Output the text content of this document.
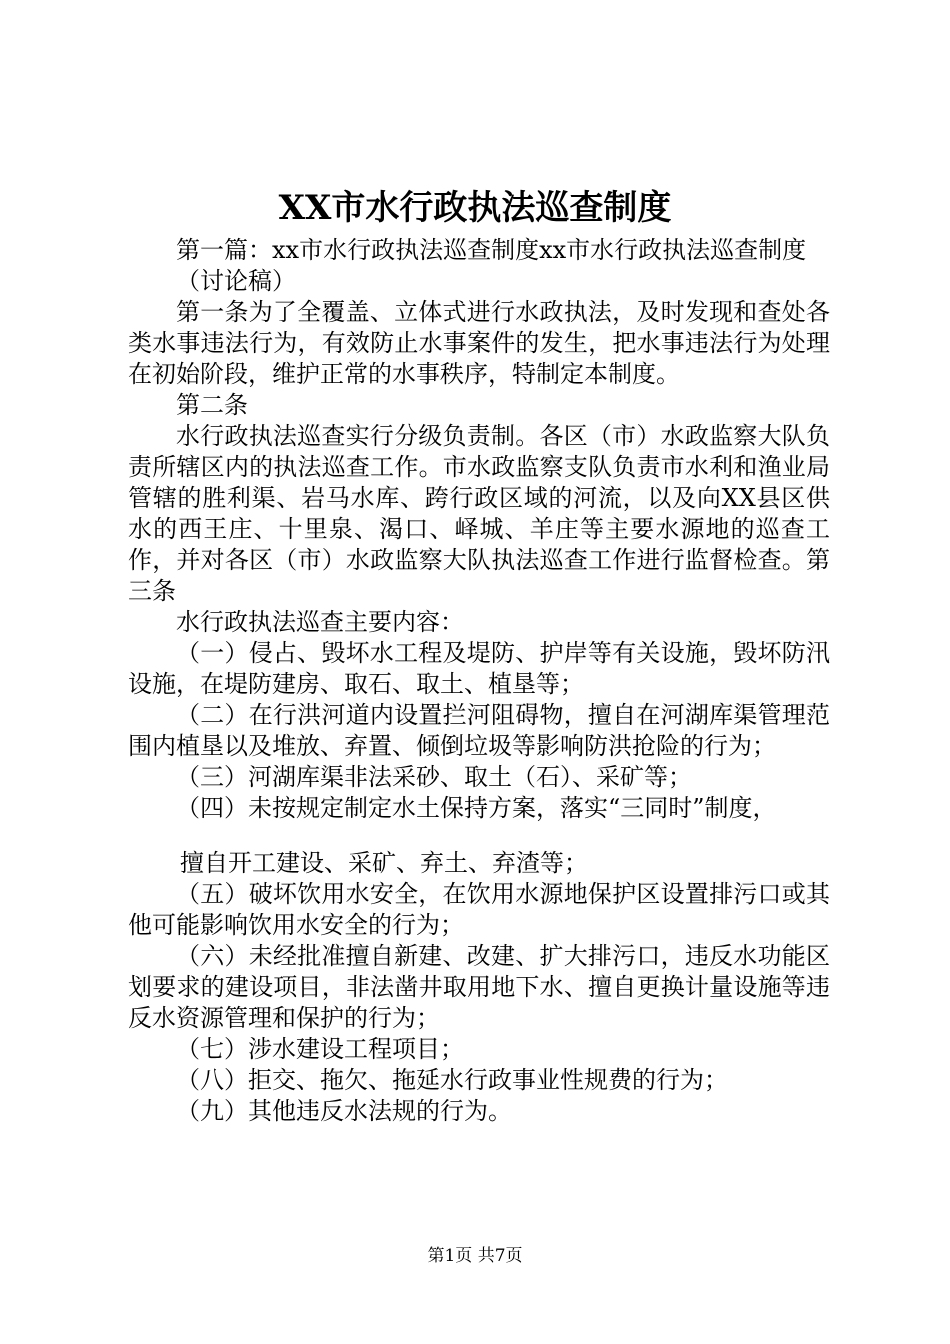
XX市水行政执法巡查制度

第一篇：xx市水行政执法巡查制度xx市水行政执法巡查制度

（讨论稿）

第一条为了全覆盖、立体式进行水政执法，及时发现和查处各类水事违法行为，有效防止水事案件的发生，把水事违法行为处理在初始阶段，维护正常的水事秩序，特制定本制度。

第二条

水行政执法巡查实行分级负责制。各区（市）水政监察大队负责所辖区内的执法巡查工作。市水政监察支队负责市水利和渔业局管辖的胜利渠、岩马水库、跨行政区域的河流，以及向XX县区供水的西王庄、十里泉、渴口、峄城、羊庄等主要水源地的巡查工作，并对各区（市）水政监察大队执法巡查工作进行监督检查。第三条

水行政执法巡查主要内容：

（一）侵占、毁坏水工程及堤防、护岸等有关设施，毁坏防汛设施，在堤防建房、取石、取土、植垦等；

（二）在行洪河道内设置拦河阻碍物，擅自在河湖库渠管理范围内植垦以及堆放、弃置、倾倒垃圾等影响防洪抢险的行为；

（三）河湖库渠非法采砂、取土（石）、采矿等；

（四）未按规定制定水土保持方案，落实“三同时”制度，

擅自开工建设、采矿、弃土、弃渣等；

（五）破坏饮用水安全，在饮用水源地保护区设置排污口或其他可能影响饮用水安全的行为；

（六）未经批准擅自新建、改建、扩大排污口，违反水功能区划要求的建设项目，非法凿井取用地下水、擅自更换计量设施等违反水资源管理和保护的行为；

（七）涉水建设工程项目；

（八）拒交、拖欠、拖延水行政事业性规费的行为；

（九）其他违反水法规的行为。

第1页 共7页
